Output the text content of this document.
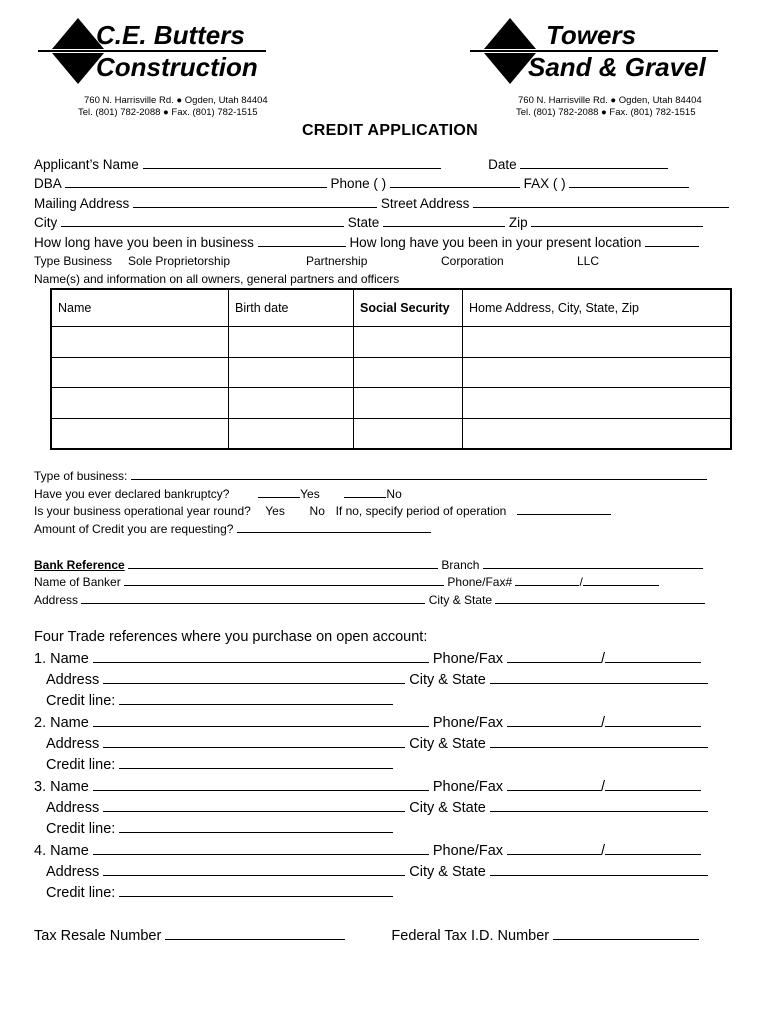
C.E. Butters
Construction
760 N. Harrisville Rd. ● Ogden, Utah 84404
Tel. (801) 782-2088 ● Fax. (801) 782-1515
Towers
Sand & Gravel
760 N. Harrisville Rd. ● Ogden, Utah 84404
Tel. (801) 782-2088 ● Fax. (801) 782-1515
CREDIT APPLICATION
Applicant’s Name	Date
DBA	Phone ( )	FAX ( )
Mailing Address	Street Address
City	State	Zip
How long have you been in business	How long have you been in your present location
Type Business Sole Proprietorship	Partnership	Corporation	LLC
Name(s) and information on all owners, general partners and officers
Name	Birth date	Social Security	Home Address, City, State, Zip

Type of business:
Have you ever declared bankruptcy?	Yes	No
Is your business operational year round? Yes No If no, specify period of operation
Amount of Credit you are requesting?
Bank Reference	Branch
Name of Banker	Phone/Fax#	/
Address	City & State
Four Trade references where you purchase on open account:
1. Name	Phone/Fax	/
Address	City & State
Credit line:
2. Name	Phone/Fax	/
Address	City & State
Credit line:
3. Name	Phone/Fax	/
Address	City & State
Credit line:
4. Name	Phone/Fax	/
Address	City & State
Credit line:
Tax Resale Number	Federal Tax I.D. Number
